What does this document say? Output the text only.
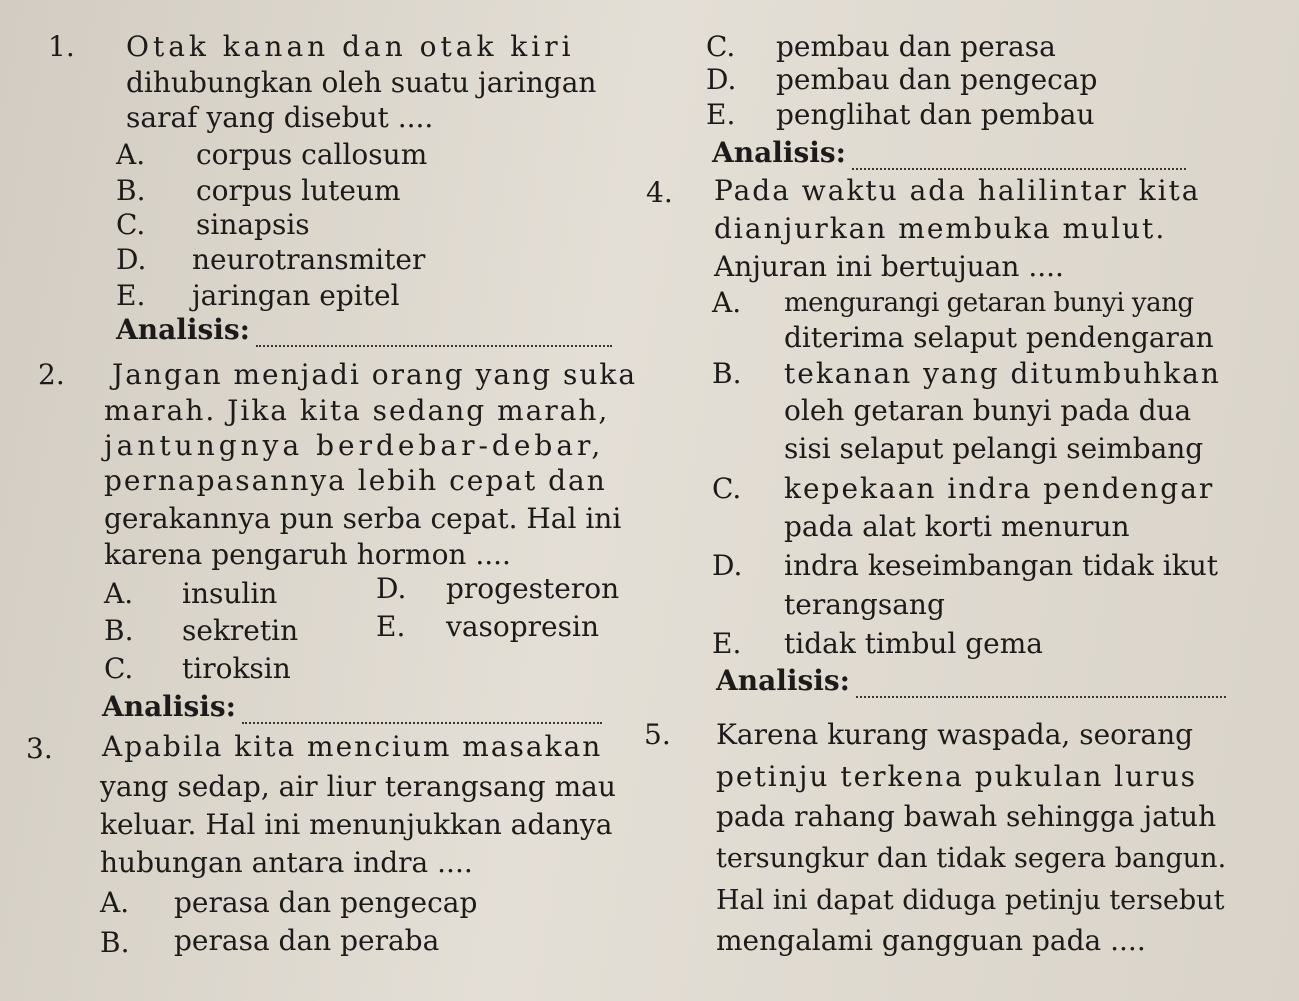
1. Otak kanan dan otak kiri
dihubungkan oleh suatu jaringan
saraf yang disebut ....
A. corpus callosum
B. corpus luteum
C. sinapsis
D. neurotransmiter
E. jaringan epitel
Analisis:
2. Jangan menjadi orang yang suka
marah. Jika kita sedang marah,
jantungnya berdebar-debar,
pernapasannya lebih cepat dan
gerakannya pun serba cepat. Hal ini
karena pengaruh hormon ....
A. insulin
B. sekretin
C. tiroksin
D. progesteron
E. vasopresin
Analisis:
3. Apabila kita mencium masakan
yang sedap, air liur terangsang mau
keluar. Hal ini menunjukkan adanya
hubungan antara indra ....
A. perasa dan pengecap
B. perasa dan peraba
C. pembau dan perasa
D. pembau dan pengecap
E. penglihat dan pembau
Analisis:
4. Pada waktu ada halilintar kita
dianjurkan membuka mulut.
Anjuran ini bertujuan ....
A. mengurangi getaran bunyi yang
diterima selaput pendengaran
B. tekanan yang ditumbuhkan
oleh getaran bunyi pada dua
sisi selaput pelangi seimbang
C. kepekaan indra pendengar
pada alat korti menurun
D. indra keseimbangan tidak ikut
terangsang
E. tidak timbul gema
Analisis:
5. Karena kurang waspada, seorang
petinju terkena pukulan lurus
pada rahang bawah sehingga jatuh
tersungkur dan tidak segera bangun.
Hal ini dapat diduga petinju tersebut
mengalami gangguan pada ....
